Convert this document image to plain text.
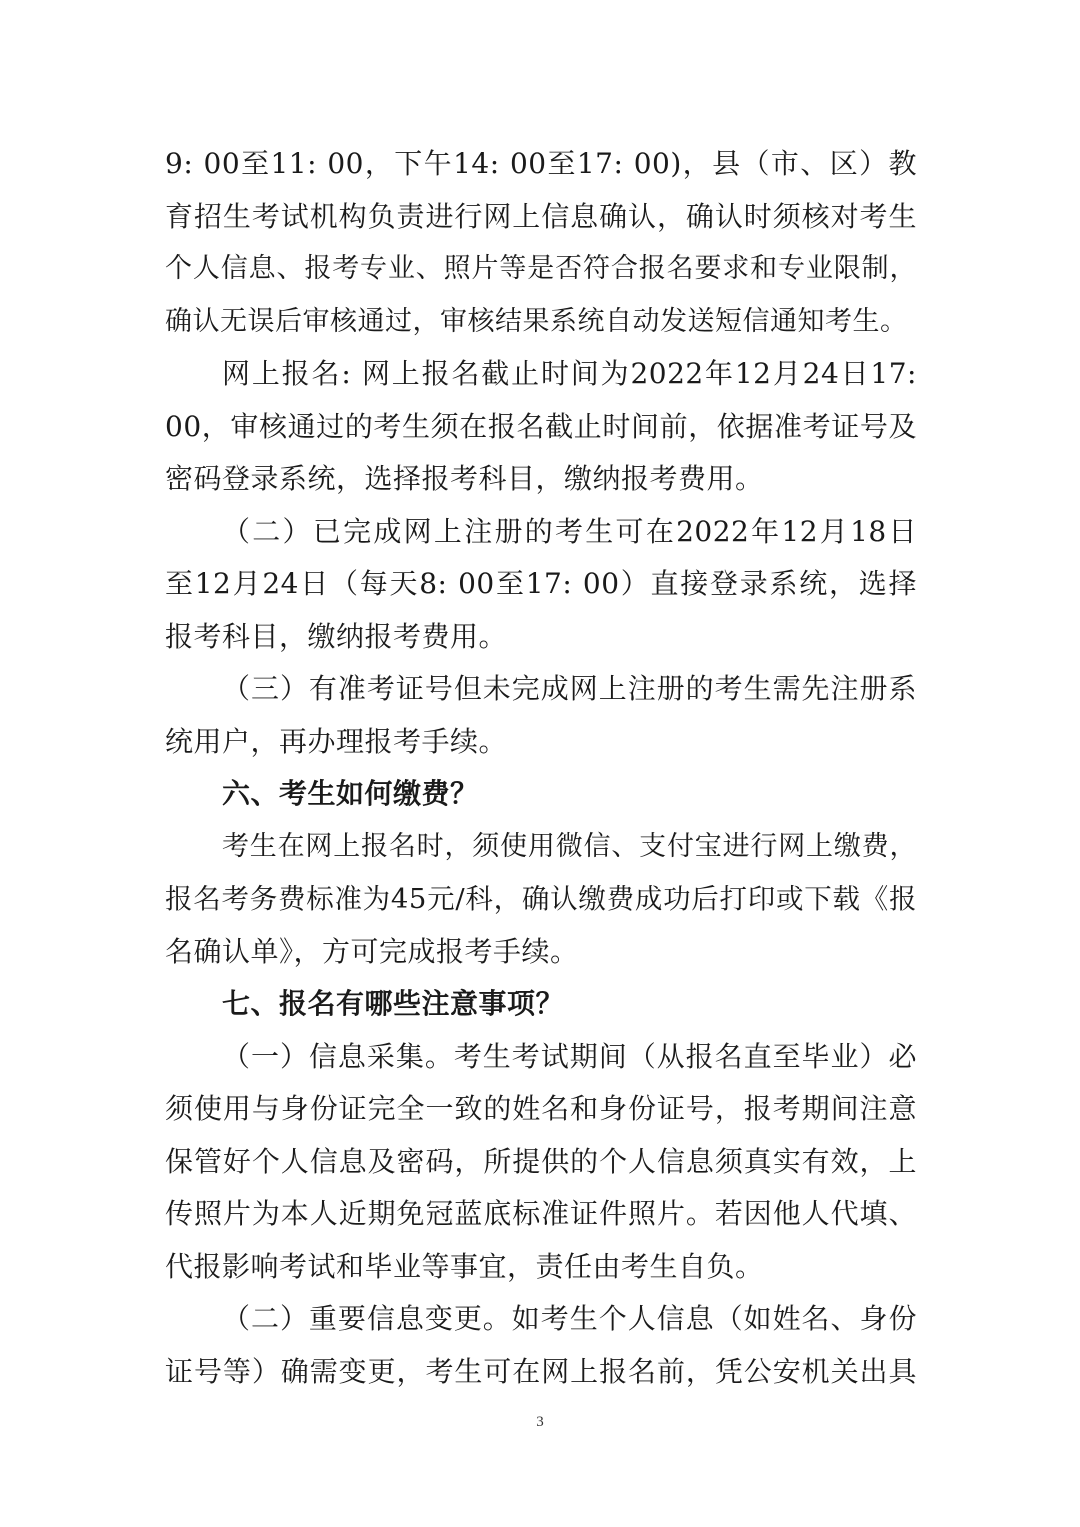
9: 00至11: 00，下午14: 00至17: 00)，县（市、区）教
育招生考试机构负责进行网上信息确认，确认时须核对考生
个人信息、报考专业、照片等是否符合报名要求和专业限制，
确认无误后审核通过，审核结果系统自动发送短信通知考生。
网上报名: 网上报名截止时间为2022年12月24日17:
00，审核通过的考生须在报名截止时间前，依据准考证号及
密码登录系统，选择报考科目，缴纳报考费用。
（二）已完成网上注册的考生可在2022年12月18日
至12月24日（每天8: 00至17: 00）直接登录系统，选择
报考科目，缴纳报考费用。
（三）有准考证号但未完成网上注册的考生需先注册系
统用户，再办理报考手续。
六、考生如何缴费？
考生在网上报名时，须使用微信、支付宝进行网上缴费，
报名考务费标准为45元/科，确认缴费成功后打印或下载《报
名确认单》，方可完成报考手续。
七、报名有哪些注意事项？
（一）信息采集。考生考试期间（从报名直至毕业）必
须使用与身份证完全一致的姓名和身份证号，报考期间注意
保管好个人信息及密码，所提供的个人信息须真实有效，上
传照片为本人近期免冠蓝底标准证件照片。若因他人代填、
代报影响考试和毕业等事宜，责任由考生自负。
（二）重要信息变更。如考生个人信息（如姓名、身份
证号等）确需变更，考生可在网上报名前，凭公安机关出具
3
